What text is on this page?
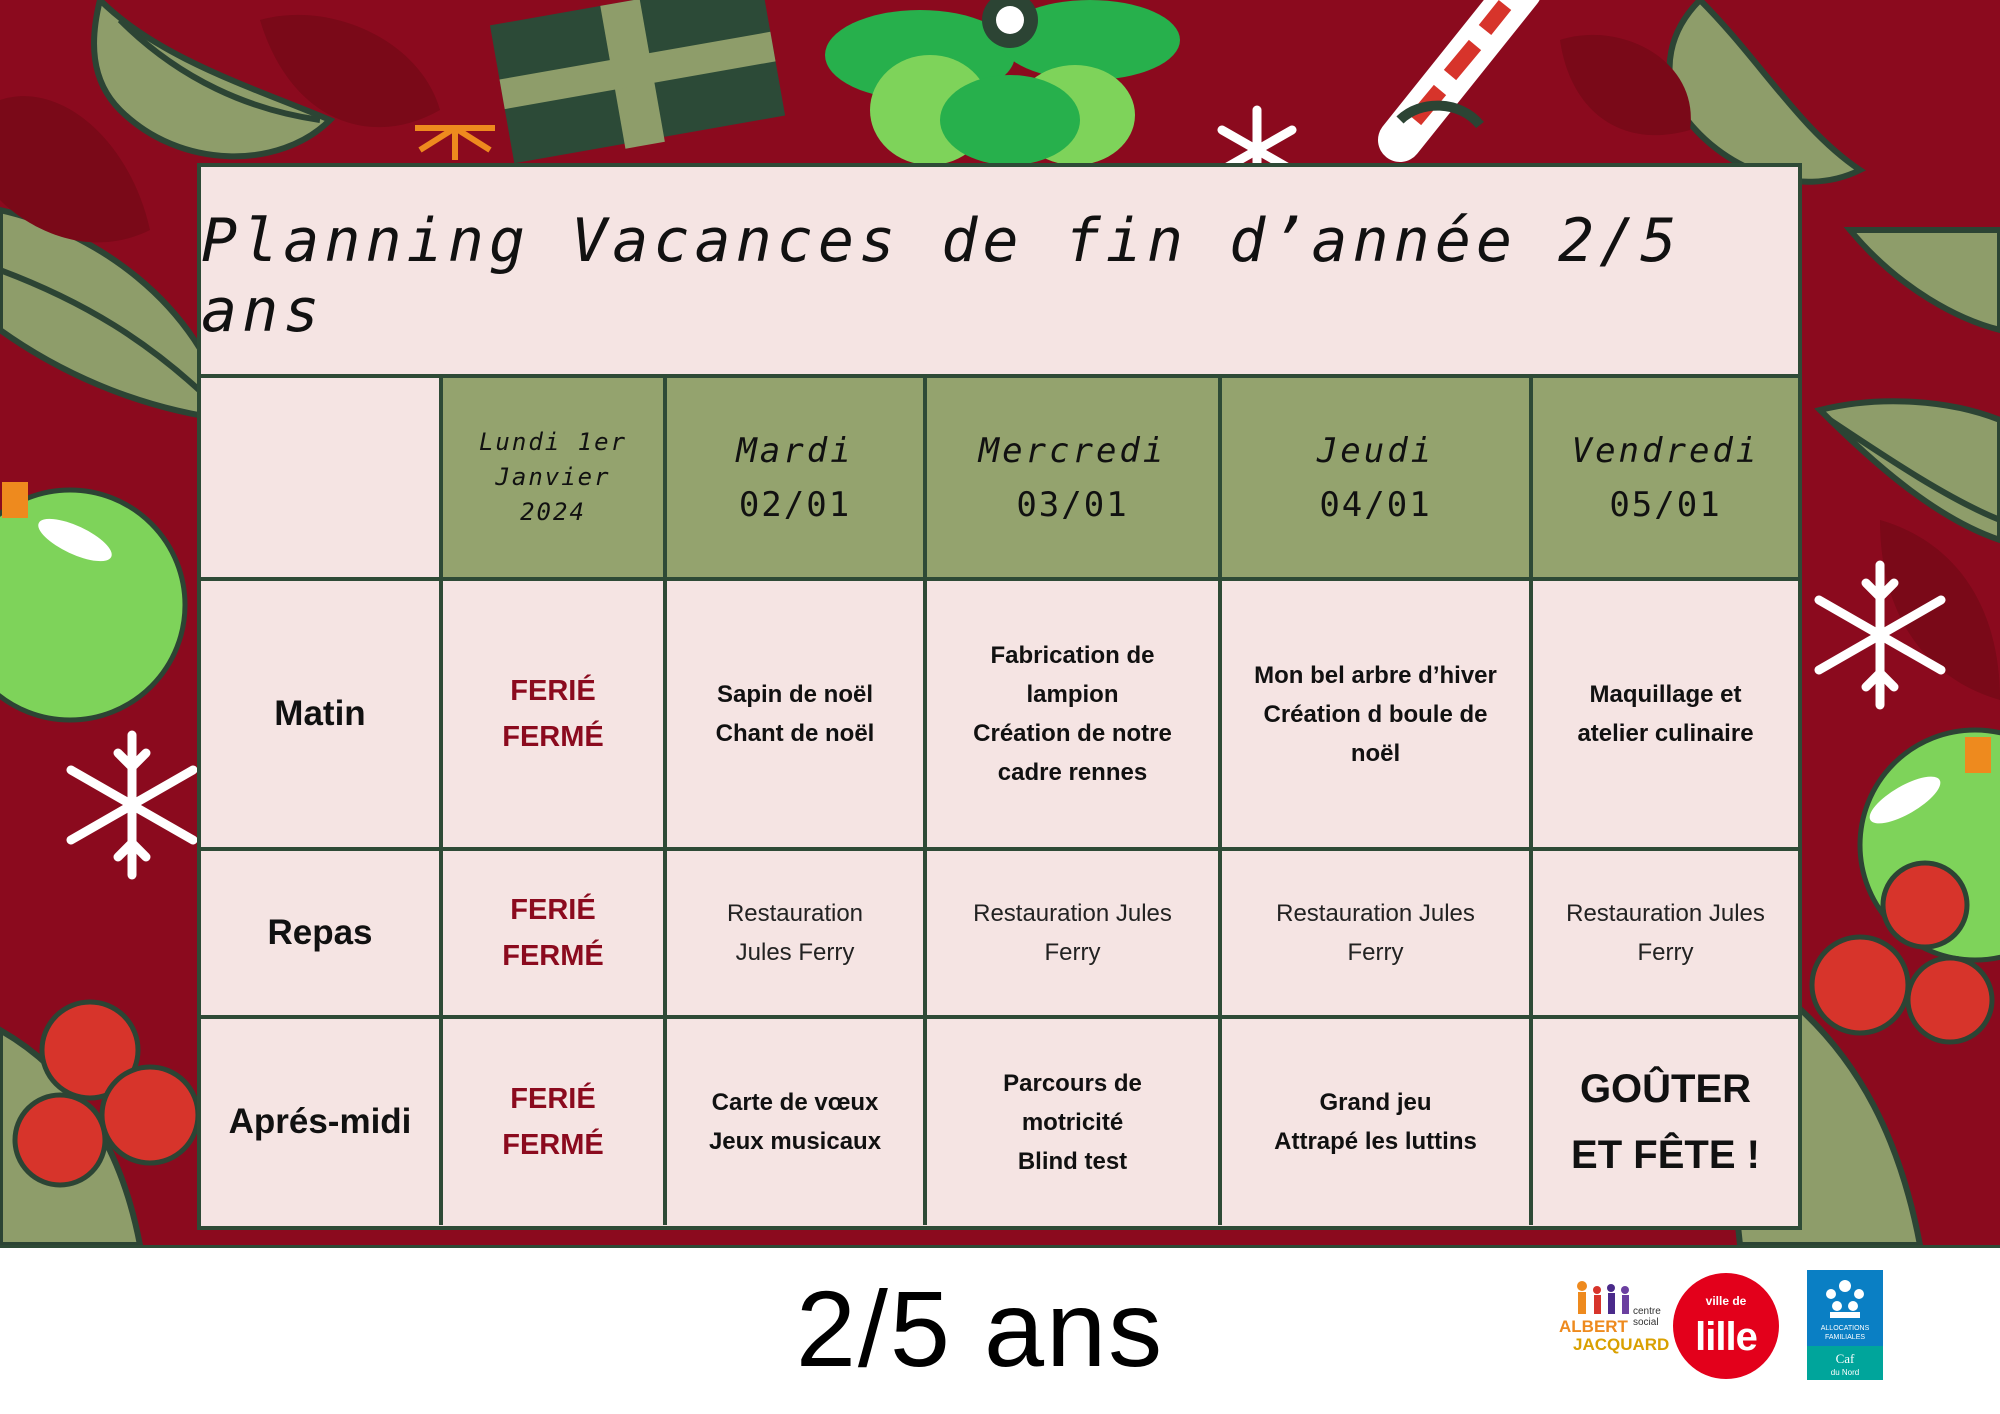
Planning Vacances de fin d’année 2/5 ans
Lundi 1er
Janvier
2024
Mardi
02/01
Mercredi
03/01
Jeudi
04/01
Vendredi
05/01
Matin
FERIÉ
FERMÉ
Sapin de noël
Chant de noël
Fabrication de
lampion
Création de notre
cadre rennes
Mon bel arbre d’hiver
Création d boule de
noël
Maquillage et
atelier culinaire
Repas
FERIÉ
FERMÉ
Restauration
Jules Ferry
Restauration Jules
Ferry
Restauration Jules
Ferry
Restauration Jules
Ferry
Aprés-midi
FERIÉ
FERMÉ
Carte de vœux
Jeux musicaux
Parcours de
motricité
Blind test
Grand jeu
Attrapé les luttins
GOÛTER
ET FÊTE !
2/5 ans	ALBERT
JACQUARD
centre
social
ville de
lille	ALLOCATIONS
FAMILIALES
Caf
du Nord
